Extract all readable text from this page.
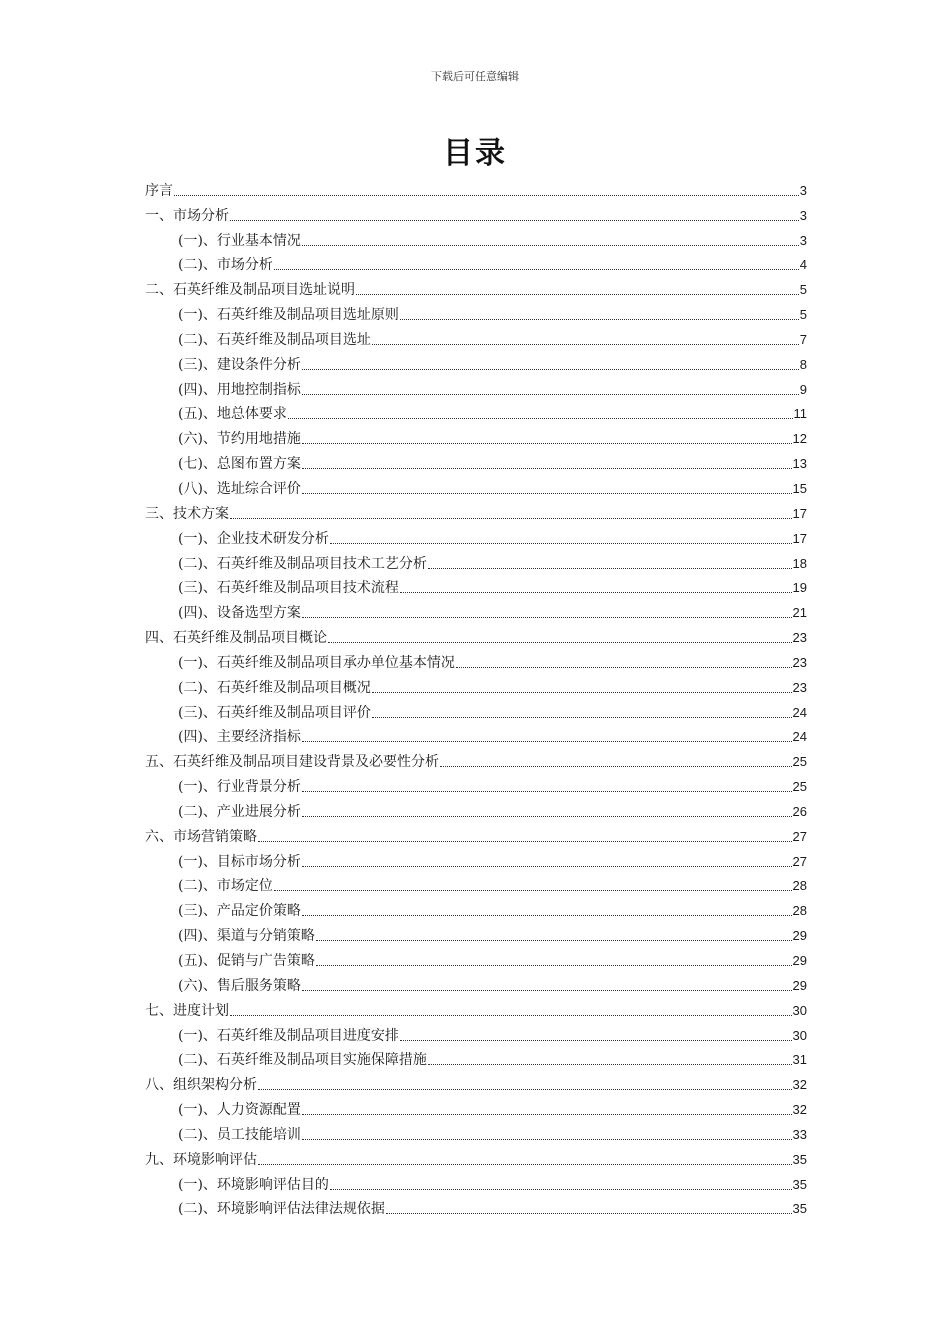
下载后可任意编辑
目录
序言	3
一、市场分析	3
(一)、行业基本情况	3
(二)、市场分析	4
二、石英纤维及制品项目选址说明	5
(一)、石英纤维及制品项目选址原则	5
(二)、石英纤维及制品项目选址	7
(三)、建设条件分析	8
(四)、用地控制指标	9
(五)、地总体要求	11
(六)、节约用地措施	12
(七)、总图布置方案	13
(八)、选址综合评价	15
三、技术方案	17
(一)、企业技术研发分析	17
(二)、石英纤维及制品项目技术工艺分析	18
(三)、石英纤维及制品项目技术流程	19
(四)、设备选型方案	21
四、石英纤维及制品项目概论	23
(一)、石英纤维及制品项目承办单位基本情况	23
(二)、石英纤维及制品项目概况	23
(三)、石英纤维及制品项目评价	24
(四)、主要经济指标	24
五、石英纤维及制品项目建设背景及必要性分析	25
(一)、行业背景分析	25
(二)、产业进展分析	26
六、市场营销策略	27
(一)、目标市场分析	27
(二)、市场定位	28
(三)、产品定价策略	28
(四)、渠道与分销策略	29
(五)、促销与广告策略	29
(六)、售后服务策略	29
七、进度计划	30
(一)、石英纤维及制品项目进度安排	30
(二)、石英纤维及制品项目实施保障措施	31
八、组织架构分析	32
(一)、人力资源配置	32
(二)、员工技能培训	33
九、环境影响评估	35
(一)、环境影响评估目的	35
(二)、环境影响评估法律法规依据	35
